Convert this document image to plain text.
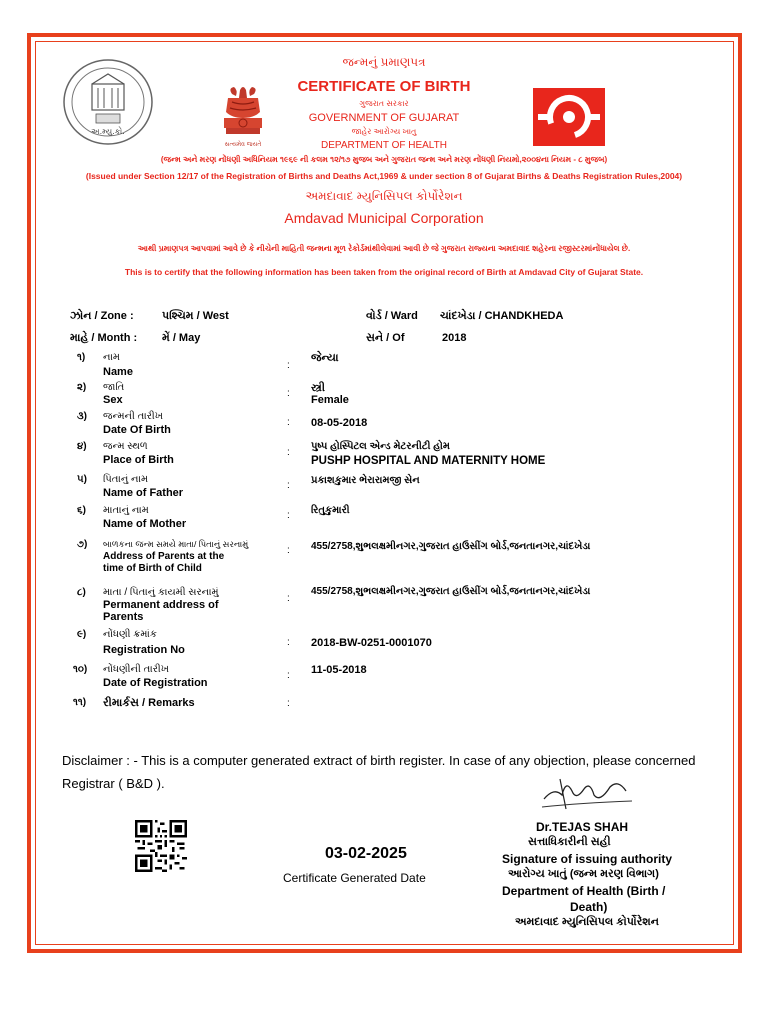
અ.મ્યુ.કો.
સત્યમેવ જયતે
જન્મનું પ્રમાણપત્ર
CERTIFICATE OF BIRTH
ગુજરાત સરકાર
GOVERNMENT OF GUJARAT
જાહેર આરોગ્ય ખાતુ
DEPARTMENT OF HEALTH
(જન્મ અને મરણ નોંધણી અધિનિયમ ૧૯૬૯ ની કલમ ૧૨/૧૭ મુજબ અને ગુજરાત જન્મ અને મરણ નોંધણી નિયમો,૨૦૦૪ના નિયમ - ૮ મુજબ)
(Issued under Section 12/17 of the Registration of Births and Deaths Act,1969 & under section 8 of Gujarat Births & Deaths Registration Rules,2004)
અમદાવાદ મ્યુનિસિપલ કોર્પોરેશન
Amdavad Municipal Corporation
આથી પ્રમાણપત્ર આપવામાં આવે છે કે નીચેની માહિતી જન્મના મૂળ રેકોર્ડમાંથીલેવામાં આવી છે જે ગુજરાત રાજ્યના અમદાવાદ શહેરના રજીસ્ટરમાંનોંધાયેલ છે.
This is to certify that the following information has been taken from the original record of Birth at Amdavad City of Gujarat State.
ઝોન / Zone :	પશ્ચિમ / West	વોર્ડ / Ward ચાંદખેડા / CHANDKHEDA
માહે / Month : મેં / May	સને / Of	2018
૧) નામ
Name
:
જેન્યા
૨) જાતિ
Sex
: સ્ત્રી
Female
૩) જન્મની તારીખ
Date Of Birth
: 08-05-2018
૪) જન્મ સ્થળ
Place of Birth
:
પુષ્પ હોસ્પિટલ એન્ડ મેટરનીટી હોમ
PUSHP HOSPITAL AND MATERNITY HOME
૫) પિતાનું નામ
Name of Father
: પ્રકાશકુમાર ભેરારામજી સેન
૬) માતાનું નામ
Name of Mother
: રિતુકુમારી
૭) બાળકના જન્મ સમયે માતા/ પિતાનું સરનામું
Address of Parents at the
time of Birth of Child
: 455/2758,શુભલક્ષમીનગર,ગુજરાત હાઉસીંગ બોર્ડ,જનતાનગર,ચાંદખેડા
૮) માતા / પિતાનું કાયમી સરનામું
Permanent address of
Parents
:
455/2758,શુભલક્ષમીનગર,ગુજરાત હાઉસીંગ બોર્ડ,જનતાનગર,ચાંદખેડા
૯) નોંધણી ક્રમાંક
Registration No
: 2018-BW-0251-0001070
૧૦) નોંધણીની તારીખ
Date of Registration
: 11-05-2018
૧૧) રીમાર્કસ / Remarks	:
Disclaimer : - This is a computer generated extract of birth register. In case of any objection, please concerned
Registrar ( B&D ).
03-02-2025
Certificate Generated Date
Dr.TEJAS SHAH
સત્તાધિકારીની સહી
Signature of issuing authority
આરોગ્ય ખાતું (જન્મ મરણ વિભાગ)
Department of Health (Birth /
Death)
અમદાવાદ મ્યુનિસિપલ કોર્પોરેશન
